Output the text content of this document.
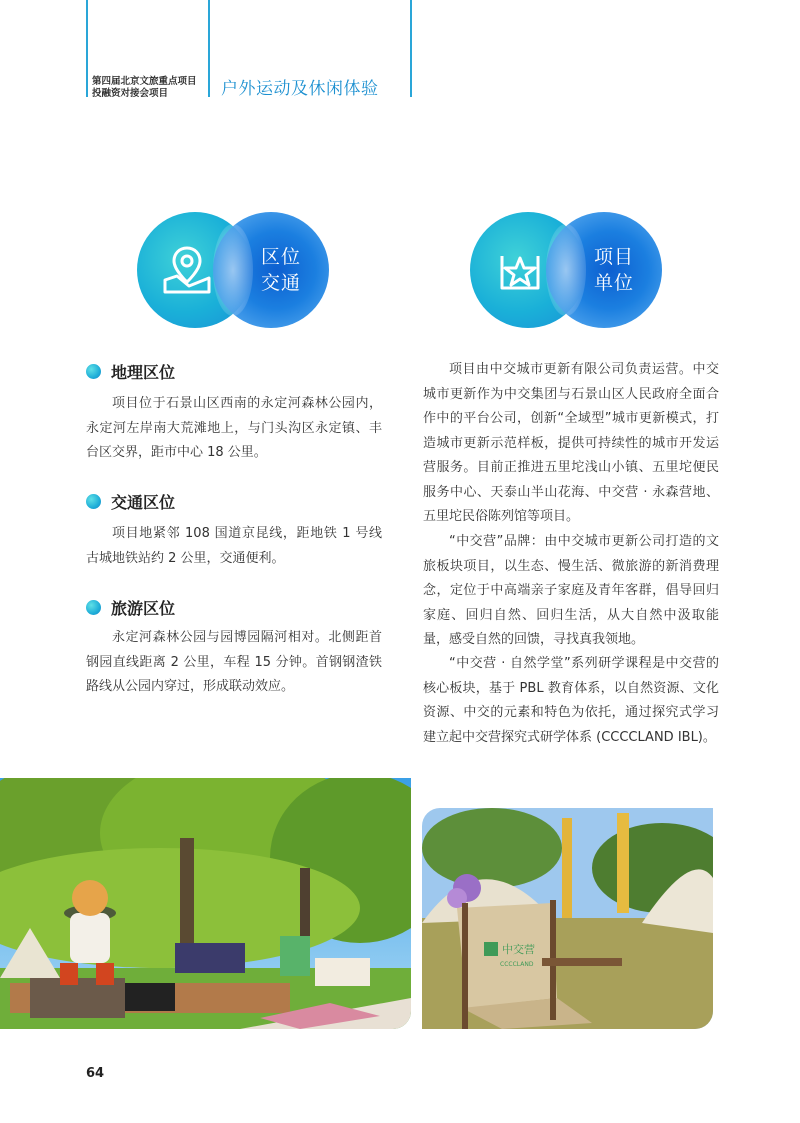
第四届北京文旅重点项目
投融资对接会项目	户外运动及休闲体验
区位
交通
项目
单位
地理区位
项目位于石景山区西南的永定河森林公园内，永定河左岸南大荒滩地上，与门头沟区永定镇、丰台区交界，距市中心 18 公里。
交通区位
项目地紧邻 108 国道京昆线，距地铁 1 号线古城地铁站约 2 公里，交通便利。
旅游区位
永定河森林公园与园博园隔河相对。北侧距首钢园直线距离 2 公里，车程 15 分钟。首钢钢渣铁路线从公园内穿过，形成联动效应。
项目由中交城市更新有限公司负责运营。中交城市更新作为中交集团与石景山区人民政府全面合作中的平台公司，创新“全域型”城市更新模式，打造城市更新示范样板，提供可持续性的城市开发运营服务。目前正推进五里坨浅山小镇、五里坨便民服务中心、天泰山半山花海、中交营 · 永森营地、五里坨民俗陈列馆等项目。
“中交营”品牌：由中交城市更新公司打造的文旅板块项目，以生态、慢生活、微旅游的新消费理念，定位于中高端亲子家庭及青年客群，倡导回归家庭、回归自然、回归生活，从大自然中汲取能量，感受自然的回馈，寻找真我领地。
“中交营 · 自然学堂”系列研学课程是中交营的核心板块，基于 PBL 教育体系，以自然资源、文化资源、中交的元素和特色为依托，通过探究式学习建立起中交营探究式研学体系 (CCCCLAND IBL)。
中交营
CCCCLAND
64
